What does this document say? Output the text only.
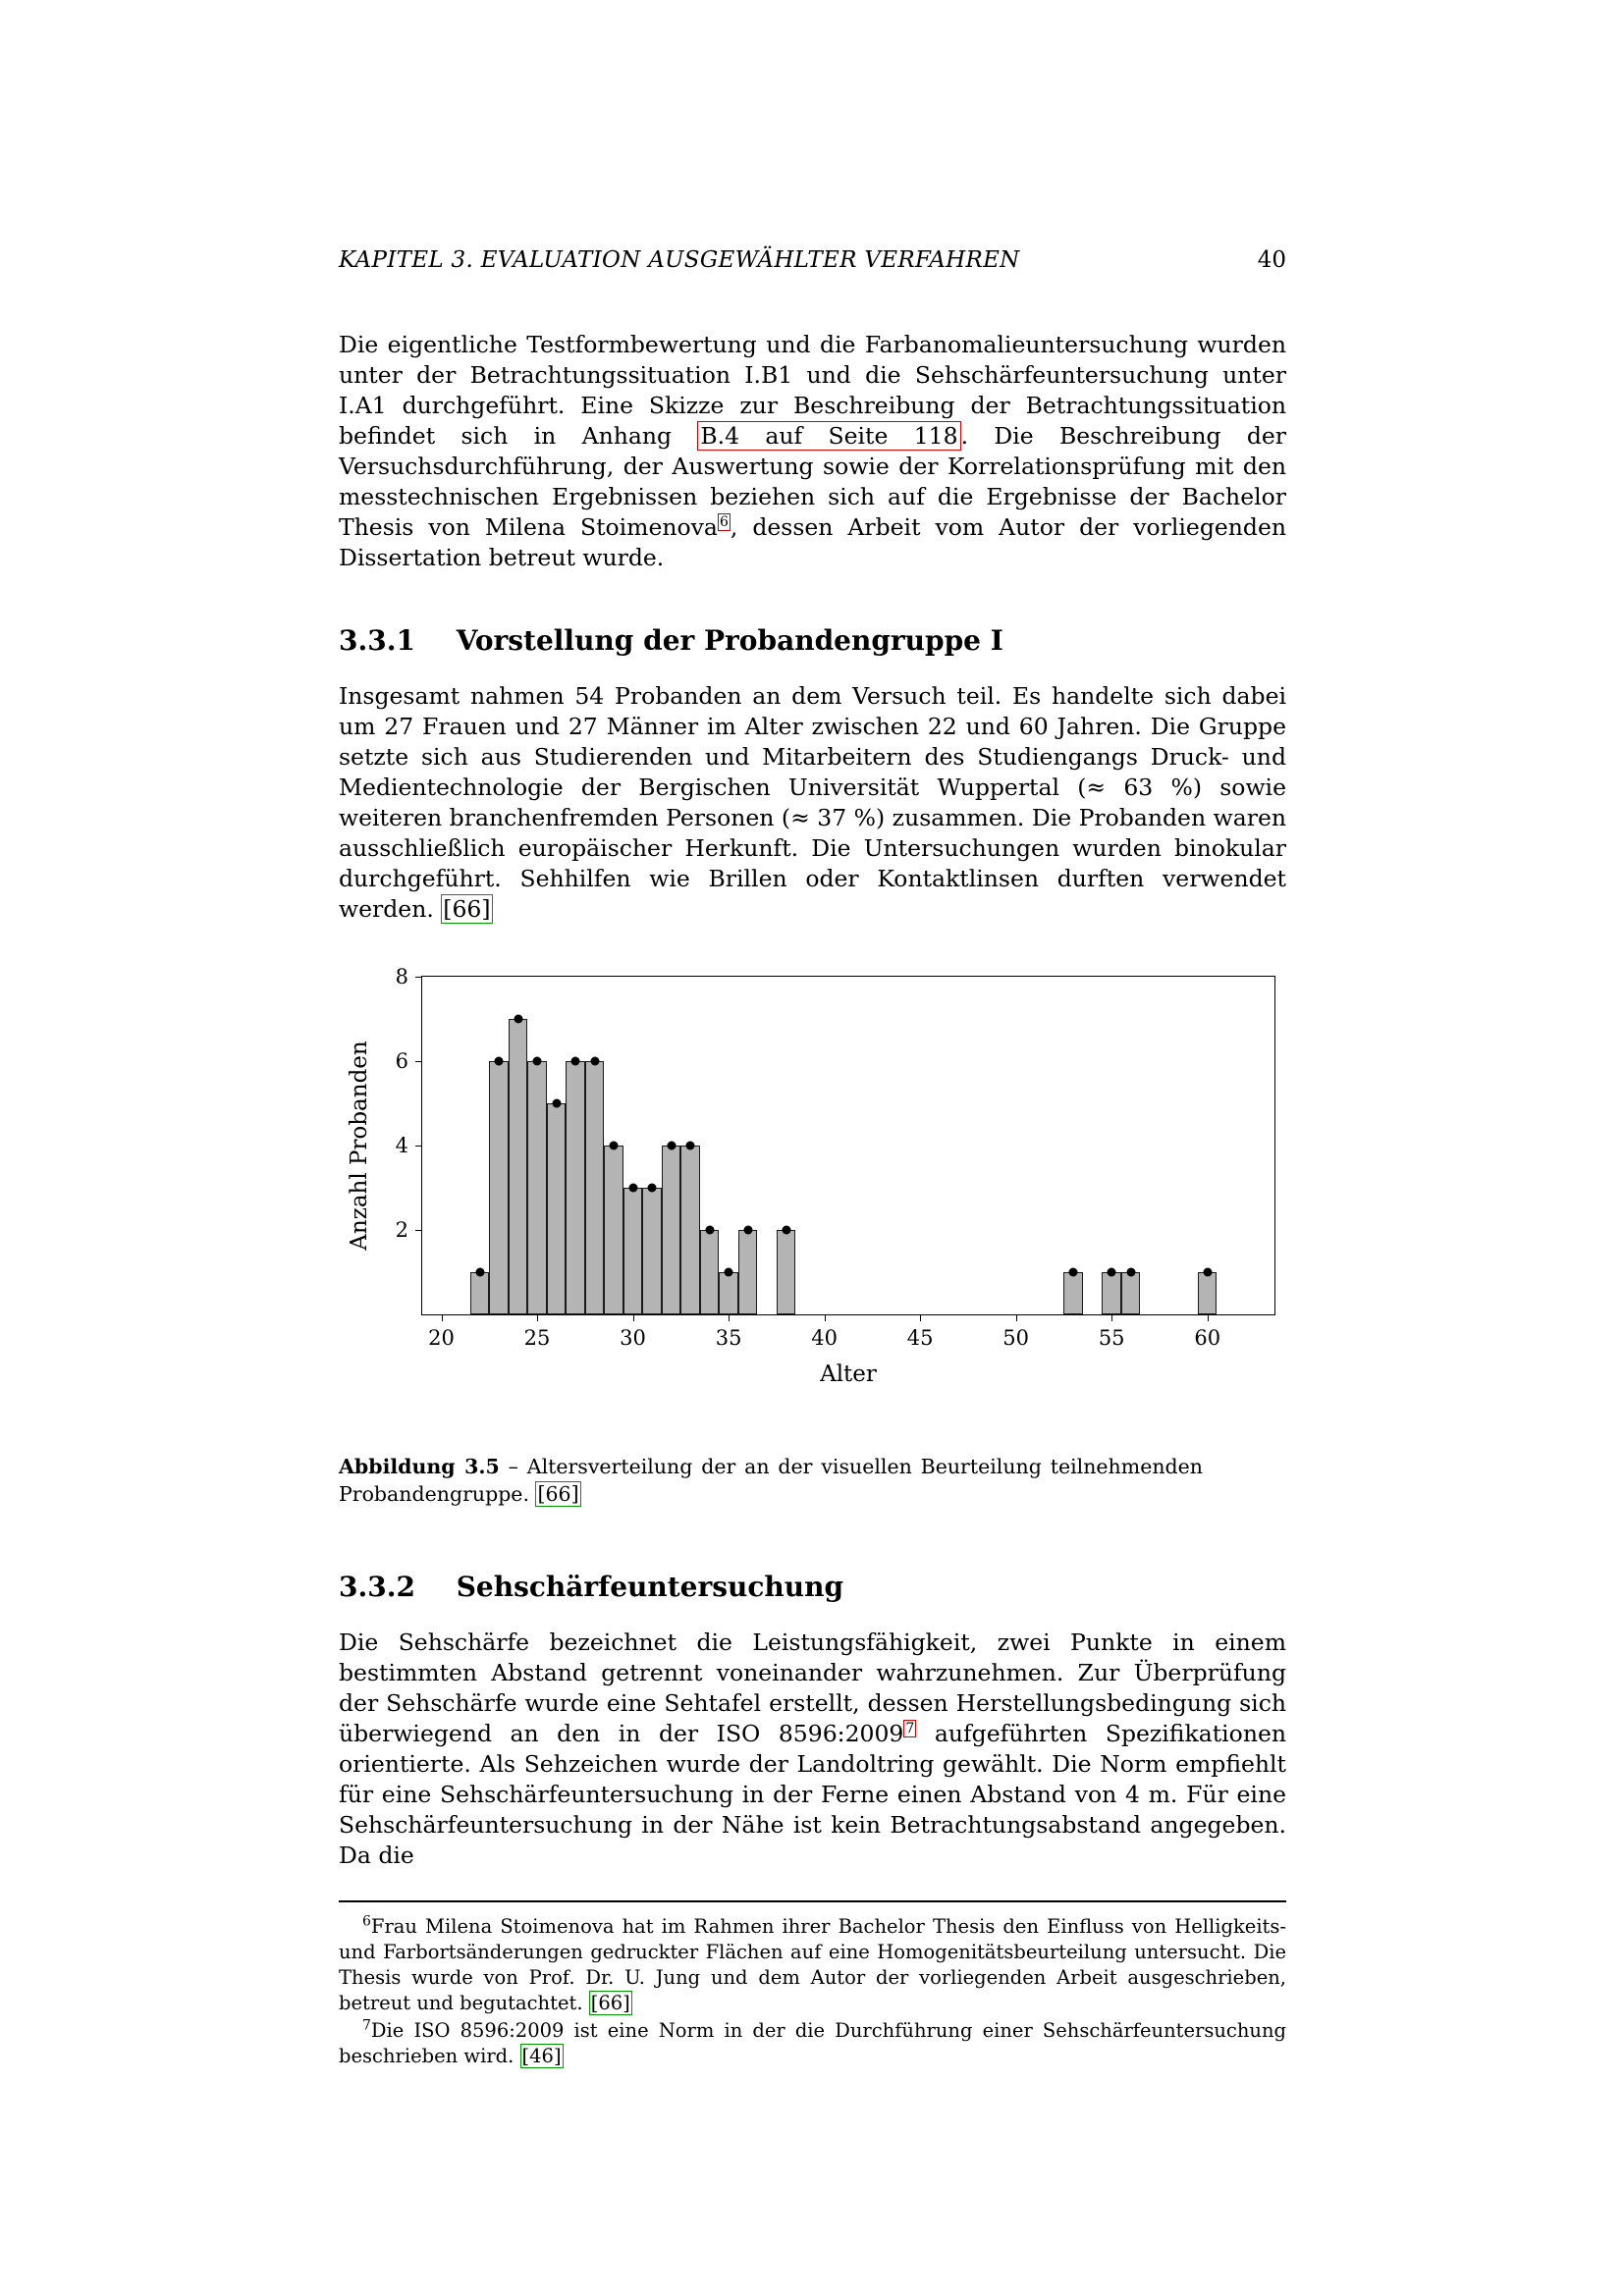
KAPITEL 3. EVALUATION AUSGEWÄHLTER VERFAHREN	40

Die eigentliche Testformbewertung und die Farbanomalieuntersuchung wurden unter der Betrachtungssituation I.B1 und die Sehschärfeuntersuchung unter I.A1 durchgeführt. Eine Skizze zur Beschreibung der Betrachtungssituation befindet sich in Anhang B.4 auf Seite 118 . Die Beschreibung der Versuchsdurchführung, der Auswertung sowie der Korrelationsprüfung mit den messtechnischen Ergebnissen beziehen sich auf die Ergebnisse der Bachelor Thesis von Milena Stoimenova $^6$, dessen Arbeit vom Autor der vorliegenden Dissertation betreut wurde.

3.3.1 Vorstellung der Probandengruppe I

Insgesamt nahmen 54 Probanden an dem Versuch teil. Es handelte sich dabei um 27 Frauen und 27 Männer im Alter zwischen 22 und 60 Jahren. Die Gruppe setzte sich aus Studierenden und Mitarbeitern des Studiengangs Druck- und Medientechnologie der Bergischen Universität Wuppertal (≈ 63 %) sowie weiteren branchenfremden Personen (≈ 37 %) zusammen. Die Probanden waren ausschließlich europäischer Herkunft. Die Untersuchungen wurden binokular durchgeführt. Sehhilfen wie Brillen oder Kontaktlinsen durften verwendet werden. [66]

Anzahl Probanden
Alter
20	25	30	35	40	45	50	55	60
2
4
6
8

Abbildung 3.5 – Altersverteilung der an der visuellen Beurteilung teilnehmenden Probandengruppe. [66]

3.3.2 Sehschärfeuntersuchung

Die Sehschärfe bezeichnet die Leistungsfähigkeit, zwei Punkte in einem bestimmten Abstand getrennt voneinander wahrzunehmen. Zur Überprüfung der Sehschärfe wurde eine Sehtafel erstellt, dessen Herstellungsbedingung sich überwiegend an den in der ISO 8596:2009 $^7$ aufgeführten Spezifikationen orientierte. Als Sehzeichen wurde der Landoltring gewählt. Die Norm empfiehlt für eine Sehschärfeuntersuchung in der Ferne einen Abstand von 4 m. Für eine Sehschärfeuntersuchung in der Nähe ist kein Betrachtungsabstand angegeben. Da die

$^6$Frau Milena Stoimenova hat im Rahmen ihrer Bachelor Thesis den Einfluss von Helligkeits- und Farbortsänderungen gedruckter Flächen auf eine Homogenitätsbeurteilung untersucht. Die Thesis wurde von Prof. Dr. U. Jung und dem Autor der vorliegenden Arbeit ausgeschrieben, betreut und begutachtet. [66]

$^7$Die ISO 8596:2009 ist eine Norm in der die Durchführung einer Sehschärfeuntersuchung beschrieben wird. [46]
